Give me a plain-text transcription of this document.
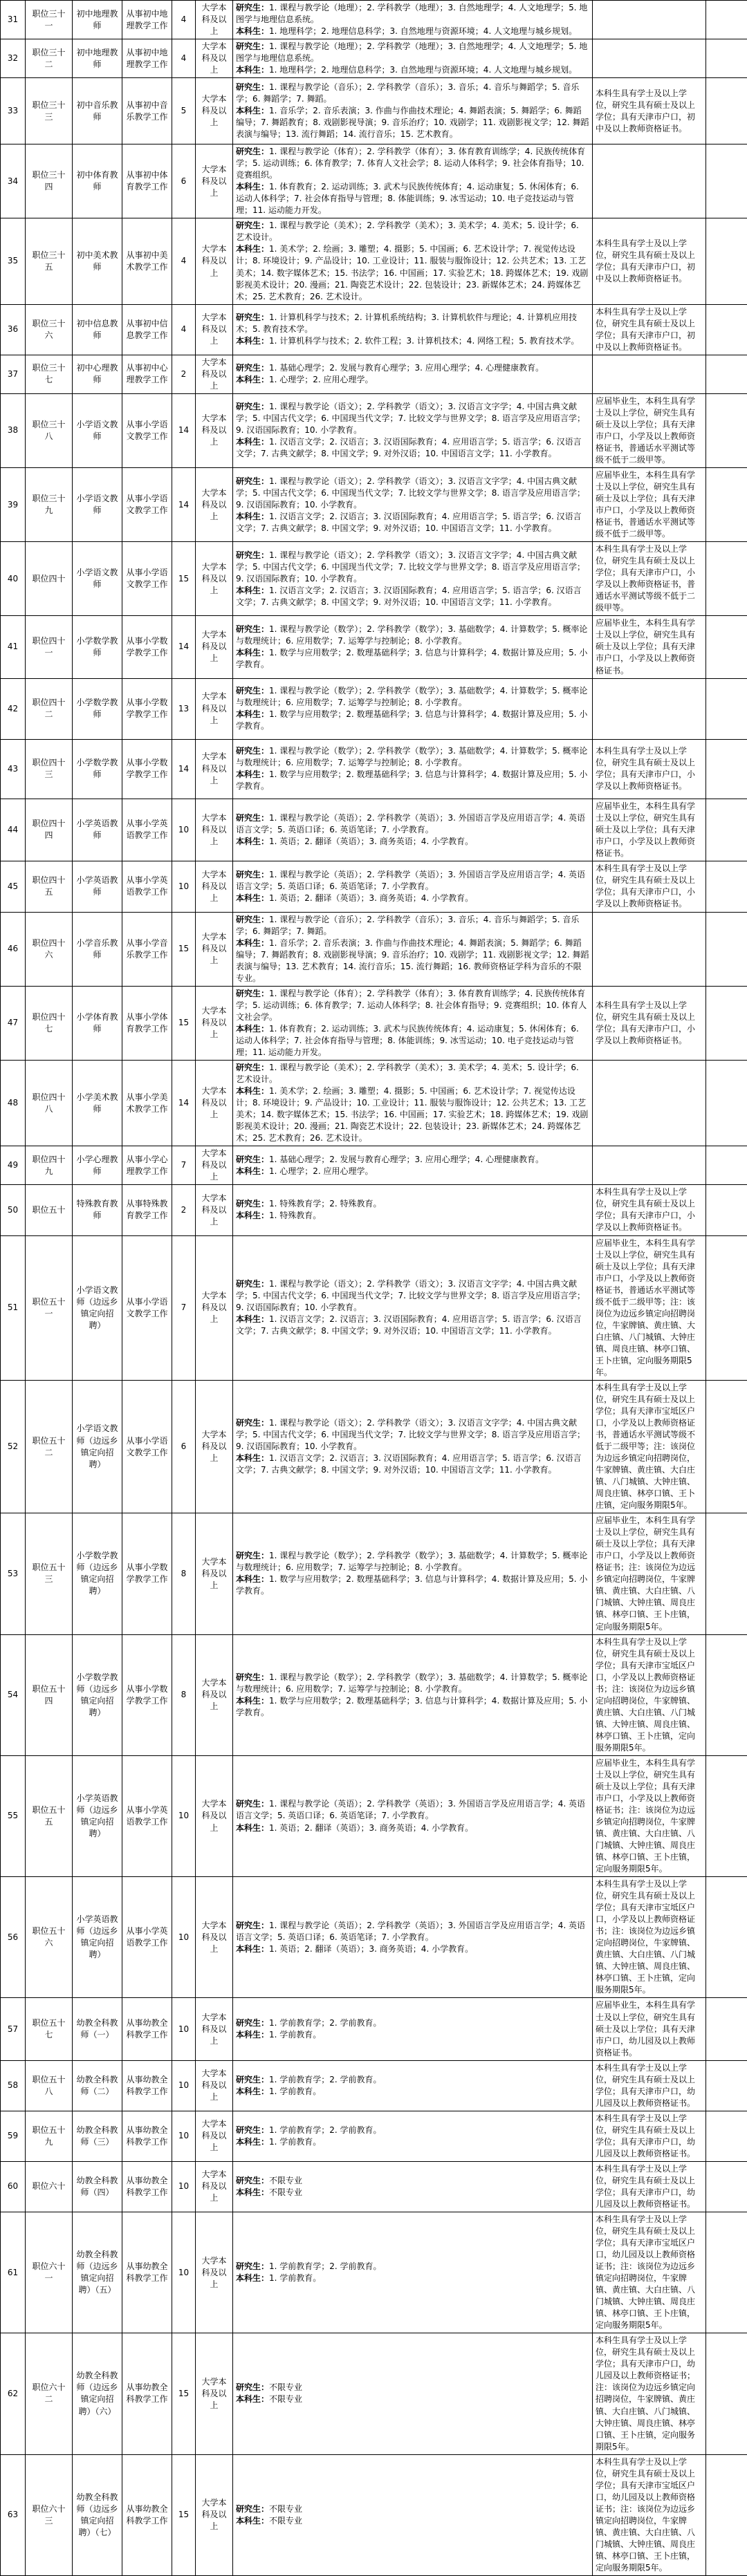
31	职位三十一	初中地理教师	从事初中地理教学工作	4	大学本科及以上	研究生：1. 课程与教学论（地理）；2. 学科教学（地理）；3. 自然地理学；4. 人文地理学；5. 地图学与地理信息系统。
本科生：1. 地理科学；2. 地理信息科学；3. 自然地理与资源环境；4. 人文地理与城乡规划。		

32	职位三十二	初中地理教师	从事初中地理教学工作	4	大学本科及以上	研究生：1. 课程与教学论（地理）；2. 学科教学（地理）；3. 自然地理学；4. 人文地理学；5. 地图学与地理信息系统。
本科生：1. 地理科学；2. 地理信息科学；3. 自然地理与资源环境；4. 人文地理与城乡规划。		

33	职位三十三	初中音乐教师	从事初中音乐教学工作	5	大学本科及以上	研究生：1. 课程与教学论（音乐）；2. 学科教学（音乐）；3. 音乐；4. 音乐与舞蹈学；5. 音乐学；6. 舞蹈学；7. 舞蹈。
本科生：1. 音乐学；2. 音乐表演；3. 作曲与作曲技术理论；4. 舞蹈表演；5. 舞蹈学；6. 舞蹈编导；7. 舞蹈教育；8. 戏剧影视导演；9. 音乐治疗；10. 戏剧学；11. 戏剧影视文学；12. 舞蹈表演与编导；13. 流行舞蹈；14. 流行音乐；15. 艺术教育。	本科生具有学士及以上学位，研究生具有硕士及以上学位；具有天津市户口，初中及以上教师资格证书。	
34	职位三十四	初中体育教师	从事初中体育教学工作	6	大学本科及以上	研究生：1. 课程与教学论（体育）；2. 学科教学（体育）；3. 体育教育训练学；4. 民族传统体育学；5. 运动训练；6. 体育教学；7. 体育人文社会学；8. 运动人体科学；9. 社会体育指导；10. 竞赛组织。
本科生：1. 体育教育；2. 运动训练；3. 武术与民族传统体育；4. 运动康复；5. 休闲体育；6. 运动人体科学；7. 社会体育指导与管理；8. 体能训练；9. 冰雪运动；10. 电子竞技运动与管理；11. 运动能力开发。		

35	职位三十五	初中美术教师	从事初中美术教学工作	4	大学本科及以上	研究生：1. 课程与教学论（美术）；2. 学科教学（美术）；3. 美术学；4. 美术；5. 设计学；6. 艺术设计。
本科生：1. 美术学；2. 绘画；3. 雕塑；4. 摄影；5. 中国画；6. 艺术设计学；7. 视觉传达设计；8. 环境设计；9. 产品设计；10. 工业设计；11. 服装与服饰设计；12. 公共艺术；13. 工艺美术；14. 数字媒体艺术；15. 书法学；16. 中国画；17. 实验艺术；18. 跨媒体艺术；19. 戏剧影视美术设计；20. 漫画；21. 陶瓷艺术设计；22. 包装设计；23. 新媒体艺术；24. 跨媒体艺术；25. 艺术教育；26. 艺术设计。	本科生具有学士及以上学位，研究生具有硕士及以上学位；具有天津市户口，初中及以上教师资格证书。	
36	职位三十六	初中信息教师	从事初中信息教学工作	4	大学本科及以上	研究生：1. 计算机科学与技术；2. 计算机系统结构；3. 计算机软件与理论；4. 计算机应用技术；5. 教育技术学。
本科生：1. 计算机科学与技术；2. 软件工程；3. 计算机技术；4. 网络工程；5. 教育技术学。	本科生具有学士及以上学位，研究生具有硕士及以上学位；具有天津市户口，初中及以上教师资格证书。	
37	职位三十七	初中心理教师	从事初中心理教学工作	2	大学本科及以上	研究生：1. 基础心理学；2. 发展与教育心理学；3. 应用心理学；4. 心理健康教育。
本科生：1. 心理学；2. 应用心理学。		

38	职位三十八	小学语文教师	从事小学语文教学工作	14	大学本科及以上	研究生：1. 课程与教学论（语文）；2. 学科教学（语文）；3. 汉语言文字学；4. 中国古典文献学；5. 中国古代文学；6. 中国现当代文学；7. 比较文学与世界文学；8. 语言学及应用语言学；9. 汉语国际教育；10. 小学教育。
本科生：1. 汉语言文学；2. 汉语言；3. 汉语国际教育；4. 应用语言学；5. 语言学；6. 汉语言文学；7. 古典文献学；8. 中国文学；9. 对外汉语；10. 中国语言文学；11. 小学教育。	应届毕业生，本科生具有学士及以上学位，研究生具有硕士及以上学位；具有天津市户口，小学及以上教师资格证书，普通话水平测试等级不低于二级甲等。	
39	职位三十九	小学语文教师	从事小学语文教学工作	14	大学本科及以上	研究生：1. 课程与教学论（语文）；2. 学科教学（语文）；3. 汉语言文字学；4. 中国古典文献学；5. 中国古代文学；6. 中国现当代文学；7. 比较文学与世界文学；8. 语言学及应用语言学；9. 汉语国际教育；10. 小学教育。
本科生：1. 汉语言文学；2. 汉语言；3. 汉语国际教育；4. 应用语言学；5. 语言学；6. 汉语言文学；7. 古典文献学；8. 中国文学；9. 对外汉语；10. 中国语言文学；11. 小学教育。	应届毕业生，本科生具有学士及以上学位，研究生具有硕士及以上学位；具有天津市户口，小学及以上教师资格证书，普通话水平测试等级不低于二级甲等。	
40	职位四十	小学语文教师	从事小学语文教学工作	15	大学本科及以上	研究生：1. 课程与教学论（语文）；2. 学科教学（语文）；3. 汉语言文字学；4. 中国古典文献学；5. 中国古代文学；6. 中国现当代文学；7. 比较文学与世界文学；8. 语言学及应用语言学；9. 汉语国际教育；10. 小学教育。
本科生：1. 汉语言文学；2. 汉语言；3. 汉语国际教育；4. 应用语言学；5. 语言学；6. 汉语言文学；7. 古典文献学；8. 中国文学；9. 对外汉语；10. 中国语言文学；11. 小学教育。	本科生具有学士及以上学位，研究生具有硕士及以上学位；具有天津市户口，小学及以上教师资格证书，普通话水平测试等级不低于二级甲等。	
41	职位四十一	小学数学教师	从事小学数学教学工作	14	大学本科及以上	研究生：1. 课程与教学论（数学）；2. 学科教学（数学）；3. 基础数学；4. 计算数学；5. 概率论与数理统计；6. 应用数学；7. 运筹学与控制论；8. 小学教育。
本科生：1. 数学与应用数学；2. 数理基础科学；3. 信息与计算科学；4. 数据计算及应用；5. 小学教育。	应届毕业生，本科生具有学士及以上学位，研究生具有硕士及以上学位；具有天津市户口，小学及以上教师资格证书。	
42	职位四十二	小学数学教师	从事小学数学教学工作	13	大学本科及以上	研究生：1. 课程与教学论（数学）；2. 学科教学（数学）；3. 基础数学；4. 计算数学；5. 概率论与数理统计；6. 应用数学；7. 运筹学与控制论；8. 小学教育。
本科生：1. 数学与应用数学；2. 数理基础科学；3. 信息与计算科学；4. 数据计算及应用；5. 小学教育。		

43	职位四十三	小学数学教师	从事小学数学教学工作	14	大学本科及以上	研究生：1. 课程与教学论（数学）；2. 学科教学（数学）；3. 基础数学；4. 计算数学；5. 概率论与数理统计；6. 应用数学；7. 运筹学与控制论；8. 小学教育。
本科生：1. 数学与应用数学；2. 数理基础科学；3. 信息与计算科学；4. 数据计算及应用；5. 小学教育。	本科生具有学士及以上学位，研究生具有硕士及以上学位；具有天津市户口，小学及以上教师资格证书。	
44	职位四十四	小学英语教师	从事小学英语教学工作	10	大学本科及以上	研究生：1. 课程与教学论（英语）；2. 学科教学（英语）；3. 外国语言学及应用语言学；4. 英语语言文学；5. 英语口译；6. 英语笔译；7. 小学教育。
本科生：1. 英语；2. 翻译（英语）；3. 商务英语；4. 小学教育。	应届毕业生，本科生具有学士及以上学位，研究生具有硕士及以上学位；具有天津市户口，小学及以上教师资格证书。	
45	职位四十五	小学英语教师	从事小学英语教学工作	10	大学本科及以上	研究生：1. 课程与教学论（英语）；2. 学科教学（英语）；3. 外国语言学及应用语言学；4. 英语语言文学；5. 英语口译；6. 英语笔译；7. 小学教育。
本科生：1. 英语；2. 翻译（英语）；3. 商务英语；4. 小学教育。	本科生具有学士及以上学位，研究生具有硕士及以上学位；具有天津市户口，小学及以上教师资格证书。	
46	职位四十六	小学音乐教师	从事小学音乐教学工作	15	大学本科及以上	研究生：1. 课程与教学论（音乐）；2. 学科教学（音乐）；3. 音乐；4. 音乐与舞蹈学；5. 音乐学；6. 舞蹈学；7. 舞蹈。
本科生：1. 音乐学；2. 音乐表演；3. 作曲与作曲技术理论；4. 舞蹈表演；5. 舞蹈学；6. 舞蹈编导；7. 舞蹈教育；8. 戏剧影视导演；9. 音乐治疗；10. 戏剧学；11. 戏剧影视文学；12. 舞蹈表演与编导；13. 艺术教育；14. 流行音乐；15. 流行舞蹈；16. 教师资格证学科为音乐的不限专业。		

47	职位四十七	小学体育教师	从事小学体育教学工作	15	大学本科及以上	研究生：1. 课程与教学论（体育）；2. 学科教学（体育）；3. 体育教育训练学；4. 民族传统体育学；5. 运动训练；6. 体育教学；7. 运动人体科学；8. 社会体育指导；9. 竞赛组织；10. 体育人文社会学。
本科生：1. 体育教育；2. 运动训练；3. 武术与民族传统体育；4. 运动康复；5. 休闲体育；6. 运动人体科学；7. 社会体育指导与管理；8. 体能训练；9. 冰雪运动；10. 电子竞技运动与管理；11. 运动能力开发。	本科生具有学士及以上学位，研究生具有硕士及以上学位；具有天津市户口，小学及以上教师资格证书。	
48	职位四十八	小学美术教师	从事小学美术教学工作	14	大学本科及以上	研究生：1. 课程与教学论（美术）；2. 学科教学（美术）；3. 美术学；4. 美术；5. 设计学；6. 艺术设计。
本科生：1. 美术学；2. 绘画；3. 雕塑；4. 摄影；5. 中国画；6. 艺术设计学；7. 视觉传达设计；8. 环境设计；9. 产品设计；10. 工业设计；11. 服装与服饰设计；12. 公共艺术；13. 工艺美术；14. 数字媒体艺术；15. 书法学；16. 中国画；17. 实验艺术；18. 跨媒体艺术；19. 戏剧影视美术设计；20. 漫画；21. 陶瓷艺术设计；22. 包装设计；23. 新媒体艺术；24. 跨媒体艺术；25. 艺术教育；26. 艺术设计。		

49	职位四十九	小学心理教师	从事小学心理教学工作	7	大学本科及以上	研究生：1. 基础心理学；2. 发展与教育心理学；3. 应用心理学；4. 心理健康教育。
本科生：1. 心理学；2. 应用心理学。		

50	职位五十	特殊教育教师	从事特殊教育教学工作	2	大学本科及以上	研究生：1. 特殊教育学；2. 特殊教育。
本科生：1. 特殊教育。	本科生具有学士及以上学位，研究生具有硕士及以上学位；具有天津市户口，小学及以上教师资格证书。	
51	职位五十一	小学语文教师（边远乡镇定向招聘）	从事小学语文教学工作	7	大学本科及以上	研究生：1. 课程与教学论（语文）；2. 学科教学（语文）；3. 汉语言文字学；4. 中国古典文献学；5. 中国古代文学；6. 中国现当代文学；7. 比较文学与世界文学；8. 语言学及应用语言学；9. 汉语国际教育；10. 小学教育。
本科生：1. 汉语言文学；2. 汉语言；3. 汉语国际教育；4. 应用语言学；5. 语言学；6. 汉语言文学；7. 古典文献学；8. 中国文学；9. 对外汉语；10. 中国语言文学；11. 小学教育。	应届毕业生，本科生具有学士及以上学位，研究生具有硕士及以上学位；具有天津市户口，小学及以上教师资格证书，普通话水平测试等级不低于二级甲等；注：该岗位为边远乡镇定向招聘岗位，牛家牌镇、黄庄镇、大白庄镇、八门城镇、大钟庄镇、周良庄镇、林亭口镇、王卜庄镇，定向服务期限5年。	
52	职位五十二	小学语文教师（边远乡镇定向招聘）	从事小学语文教学工作	6	大学本科及以上	研究生：1. 课程与教学论（语文）；2. 学科教学（语文）；3. 汉语言文字学；4. 中国古典文献学；5. 中国古代文学；6. 中国现当代文学；7. 比较文学与世界文学；8. 语言学及应用语言学；9. 汉语国际教育；10. 小学教育。
本科生：1. 汉语言文学；2. 汉语言；3. 汉语国际教育；4. 应用语言学；5. 语言学；6. 汉语言文学；7. 古典文献学；8. 中国文学；9. 对外汉语；10. 中国语言文学；11. 小学教育。	本科生具有学士及以上学位，研究生具有硕士及以上学位；具有天津市宝坻区户口，小学及以上教师资格证书，普通话水平测试等级不低于二级甲等；注：该岗位为边远乡镇定向招聘岗位，牛家牌镇、黄庄镇、大白庄镇、八门城镇、大钟庄镇、周良庄镇、林亭口镇、王卜庄镇，定向服务期限5年。	
53	职位五十三	小学数学教师（边远乡镇定向招聘）	从事小学数学教学工作	8	大学本科及以上	研究生：1. 课程与教学论（数学）；2. 学科教学（数学）；3. 基础数学；4. 计算数学；5. 概率论与数理统计；6. 应用数学；7. 运筹学与控制论；8. 小学教育。
本科生：1. 数学与应用数学；2. 数理基础科学；3. 信息与计算科学；4. 数据计算及应用；5. 小学教育。	应届毕业生，本科生具有学士及以上学位，研究生具有硕士及以上学位；具有天津市户口，小学及以上教师资格证书；注：该岗位为边远乡镇定向招聘岗位，牛家牌镇、黄庄镇、大白庄镇、八门城镇、大钟庄镇、周良庄镇、林亭口镇、王卜庄镇，定向服务期限5年。	
54	职位五十四	小学数学教师（边远乡镇定向招聘）	从事小学数学教学工作	8	大学本科及以上	研究生：1. 课程与教学论（数学）；2. 学科教学（数学）；3. 基础数学；4. 计算数学；5. 概率论与数理统计；6. 应用数学；7. 运筹学与控制论；8. 小学教育。
本科生：1. 数学与应用数学；2. 数理基础科学；3. 信息与计算科学；4. 数据计算及应用；5. 小学教育。	本科生具有学士及以上学位，研究生具有硕士及以上学位；具有天津市宝坻区户口，小学及以上教师资格证书；注：该岗位为边远乡镇定向招聘岗位，牛家牌镇、黄庄镇、大白庄镇、八门城镇、大钟庄镇、周良庄镇、林亭口镇、王卜庄镇，定向服务期限5年。	
55	职位五十五	小学英语教师（边远乡镇定向招聘）	从事小学英语教学工作	10	大学本科及以上	研究生：1. 课程与教学论（英语）；2. 学科教学（英语）；3. 外国语言学及应用语言学；4. 英语语言文学；5. 英语口译；6. 英语笔译；7. 小学教育。
本科生：1. 英语；2. 翻译（英语）；3. 商务英语；4. 小学教育。	应届毕业生，本科生具有学士及以上学位，研究生具有硕士及以上学位；具有天津市户口，小学及以上教师资格证书；注：该岗位为边远乡镇定向招聘岗位，牛家牌镇、黄庄镇、大白庄镇、八门城镇、大钟庄镇、周良庄镇、林亭口镇、王卜庄镇，定向服务期限5年。	
56	职位五十六	小学英语教师（边远乡镇定向招聘）	从事小学英语教学工作	10	大学本科及以上	研究生：1. 课程与教学论（英语）；2. 学科教学（英语）；3. 外国语言学及应用语言学；4. 英语语言文学；5. 英语口译；6. 英语笔译；7. 小学教育。
本科生：1. 英语；2. 翻译（英语）；3. 商务英语；4. 小学教育。	本科生具有学士及以上学位，研究生具有硕士及以上学位；具有天津市宝坻区户口，小学及以上教师资格证书；注：该岗位为边远乡镇定向招聘岗位，牛家牌镇、黄庄镇、大白庄镇、八门城镇、大钟庄镇、周良庄镇、林亭口镇、王卜庄镇，定向服务期限5年。	
57	职位五十七	幼教全科教师（一）	从事幼教全科教学工作	10	大学本科及以上	研究生：1. 学前教育学；2. 学前教育。
本科生：1. 学前教育。	应届毕业生，本科生具有学士及以上学位，研究生具有硕士及以上学位；具有天津市户口，幼儿园及以上教师资格证书。	
58	职位五十八	幼教全科教师（二）	从事幼教全科教学工作	10	大学本科及以上	研究生：1. 学前教育学；2. 学前教育。
本科生：1. 学前教育。	本科生具有学士及以上学位，研究生具有硕士及以上学位；具有天津市户口，幼儿园及以上教师资格证书。	
59	职位五十九	幼教全科教师（三）	从事幼教全科教学工作	10	大学本科及以上	研究生：1. 学前教育学；2. 学前教育。
本科生：1. 学前教育。	本科生具有学士及以上学位，研究生具有硕士及以上学位；具有天津市户口，幼儿园及以上教师资格证书。	
60	职位六十	幼教全科教师（四）	从事幼教全科教学工作	10	大学本科及以上	研究生：不限专业
本科生：不限专业	本科生具有学士及以上学位，研究生具有硕士及以上学位；具有天津市户口，幼儿园及以上教师资格证书。	
61	职位六十一	幼教全科教师（边远乡镇定向招聘）（五）	从事幼教全科教学工作	10	大学本科及以上	研究生：1. 学前教育学；2. 学前教育。
本科生：1. 学前教育。	本科生具有学士及以上学位，研究生具有硕士及以上学位；具有天津市宝坻区户口，幼儿园及以上教师资格证书；注：该岗位为边远乡镇定向招聘岗位，牛家牌镇、黄庄镇、大白庄镇、八门城镇、大钟庄镇、周良庄镇、林亭口镇、王卜庄镇，定向服务期限5年。	
62	职位六十二	幼教全科教师（边远乡镇定向招聘）（六）	从事幼教全科教学工作	15	大学本科及以上	研究生：不限专业
本科生：不限专业	本科生具有学士及以上学位，研究生具有硕士及以上学位；具有天津市户口，幼儿园及以上教师资格证书；注：该岗位为边远乡镇定向招聘岗位，牛家牌镇、黄庄镇、大白庄镇、八门城镇、大钟庄镇、周良庄镇、林亭口镇、王卜庄镇，定向服务期限5年。	
63	职位六十三	幼教全科教师（边远乡镇定向招聘）（七）	从事幼教全科教学工作	15	大学本科及以上	研究生：不限专业
本科生：不限专业	本科生具有学士及以上学位，研究生具有硕士及以上学位；具有天津市宝坻区户口，幼儿园及以上教师资格证书；注：该岗位为边远乡镇定向招聘岗位，牛家牌镇、黄庄镇、大白庄镇、八门城镇、大钟庄镇、周良庄镇、林亭口镇、王卜庄镇，定向服务期限5年。	
